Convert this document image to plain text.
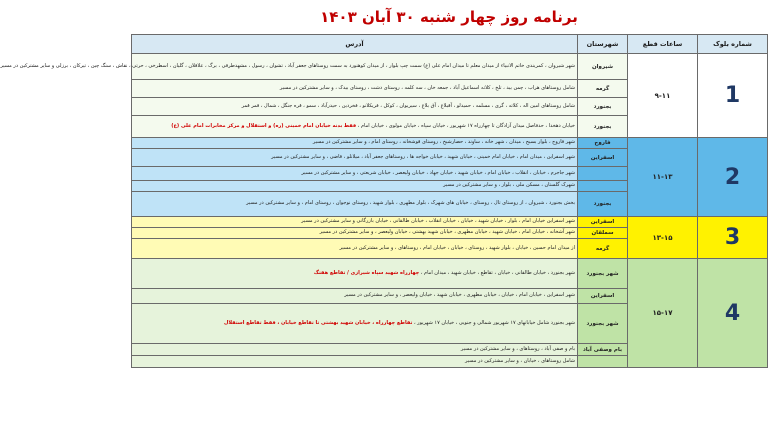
برنامه روز چهار شنبه ۳۰ آبان ۱۴۰۳
شماره بلوک	ساعات قطع	شهرستان	آدرس
1	۹-۱۱	شیروان	شهر شیروان ، کمربندی خاتم الانبیاء از میدان معلم تا میدان امام علی (ع) سمت چپ بلوار ، از میدان کوهنورد به سمت روستاهای جعفر آباد ، تشوان ، رسول ، مشهدطرقی ، برگ ، علاقلان ، گلیان ، اسطرخی ، حرتی ، نقاش ، سنگ چین ، تیرکان ، برزلی و سایر مشترکین در مسیر
		گرمه	شامل روستاهای هراب ، چمن بید ، تلخ ، کلاته اسماعیل آباد ، جمعه خان ، سه کلمه ، روستای دشت ، روستای بیدک ، و سایر مشترکین در مسیر
		بجنورد	شامل روستاهای امین اله ، کلاته ، گری ، مسلمه ، حمیدلو ، آقبلاغ ، آق بلاغ ، سیریوان ، کوکل ، فریکلانو ، فخردین ، حیدرآباد ، سمو ، قره جنگل ، شمال ، قمر قمر
		بجنورد	خیابان دهخدا ، حدفاصل میدان آزادگان تا چهارراه ۱۷ شهریور ، خیابان سپاه ، خیابان مولوی ، خیابان امام ، فقط بدنه خیابان امام خمینی (ره) و استقلال و مرکز مخابرات امام علی (ع)
2	۱۱-۱۳	فاروج	شهر فاروج ، بلوار بسیج ، میدان ، شهر خانه ، ساوند ، حصارشیخ ، روستای قوشخانه ، روستای امام ، و سایر مشترکین در مسیر
		اسفراین	شهر اسفراین ، میدان امام ، خیابان امام خمینی ، خیابان شهید ، خیابان خواجه ها ، روستاهای جعفر آباد ، میلانلو ، قاضی ، و سایر مشترکین در مسیر
			شهر جاجرم ، خیابان ، انقلاب ، خیابان امام ، خیابان شهید ، خیابان جهاد ، خیابان ولیعصر ، خیابان شریعتی ، و سایر مشترکین در مسیر
			شهرک گلستان ، مسکن ملی ، بلوار ، و سایر مشترکین در مسیر
		بجنورد	بخش بجنورد ، شیروان ، از روستای تال ، روستای ، خیابان های شهرک ، بلوار مطهری ، بلوار شهید ، روستای نوجوان ، روستای امام ، و سایر مشترکین در مسیر
3	۱۳-۱۵	اسفراین	شهر اسفراین خیابان امام ، بلوار ، خیابان شهید ، خیابان ، خیابان انقلاب ، خیابان طالقانی ، خیابان بازرگانی و سایر مشترکین در مسیر
		سملقان	شهر آشخانه ، خیابان امام ، خیابان شهید ، خیابان مطهری ، خیابان شهید بهشتی ، خیابان ولیعصر ، و سایر مشترکین در مسیر
		گرمه	از میدان امام حسین ، خیابان ، بلوار شهید ، روستای ، خیابان ، خیابان امام ، روستاهای ، و سایر مشترکین در مسیر
4	۱۵-۱۷	شهر بجنورد	شهر بجنورد ، خیابان طالقانی ، خیابان ، تقاطع ، خیابان شهید ، میدان امام ، چهارراه شهید سپاه شیرازی / تقاطع هفتگ
		اسفراین	شهر اسفراین ، خیابان امام ، خیابان ، خیابان مطهری ، خیابان شهید ، خیابان ولیعصر ، و سایر مشترکین در مسیر
		شهر بجنورد	شهر بجنورد شامل خیابانهای ۱۷ شهریور شمالی و جنوبی ، خیابان ۱۷ شهریور ، تقاطع چهارراه ، خیابان شهید بهشتی تا تقاطع خیابان ، فقط تقاطع استقلال
		بام وصفی آباد	بام و صفی آباد ، روستاهای ، و سایر مشترکین در مسیر
			شامل روستاهای ، خیابان ، و سایر مشترکین در مسیر
